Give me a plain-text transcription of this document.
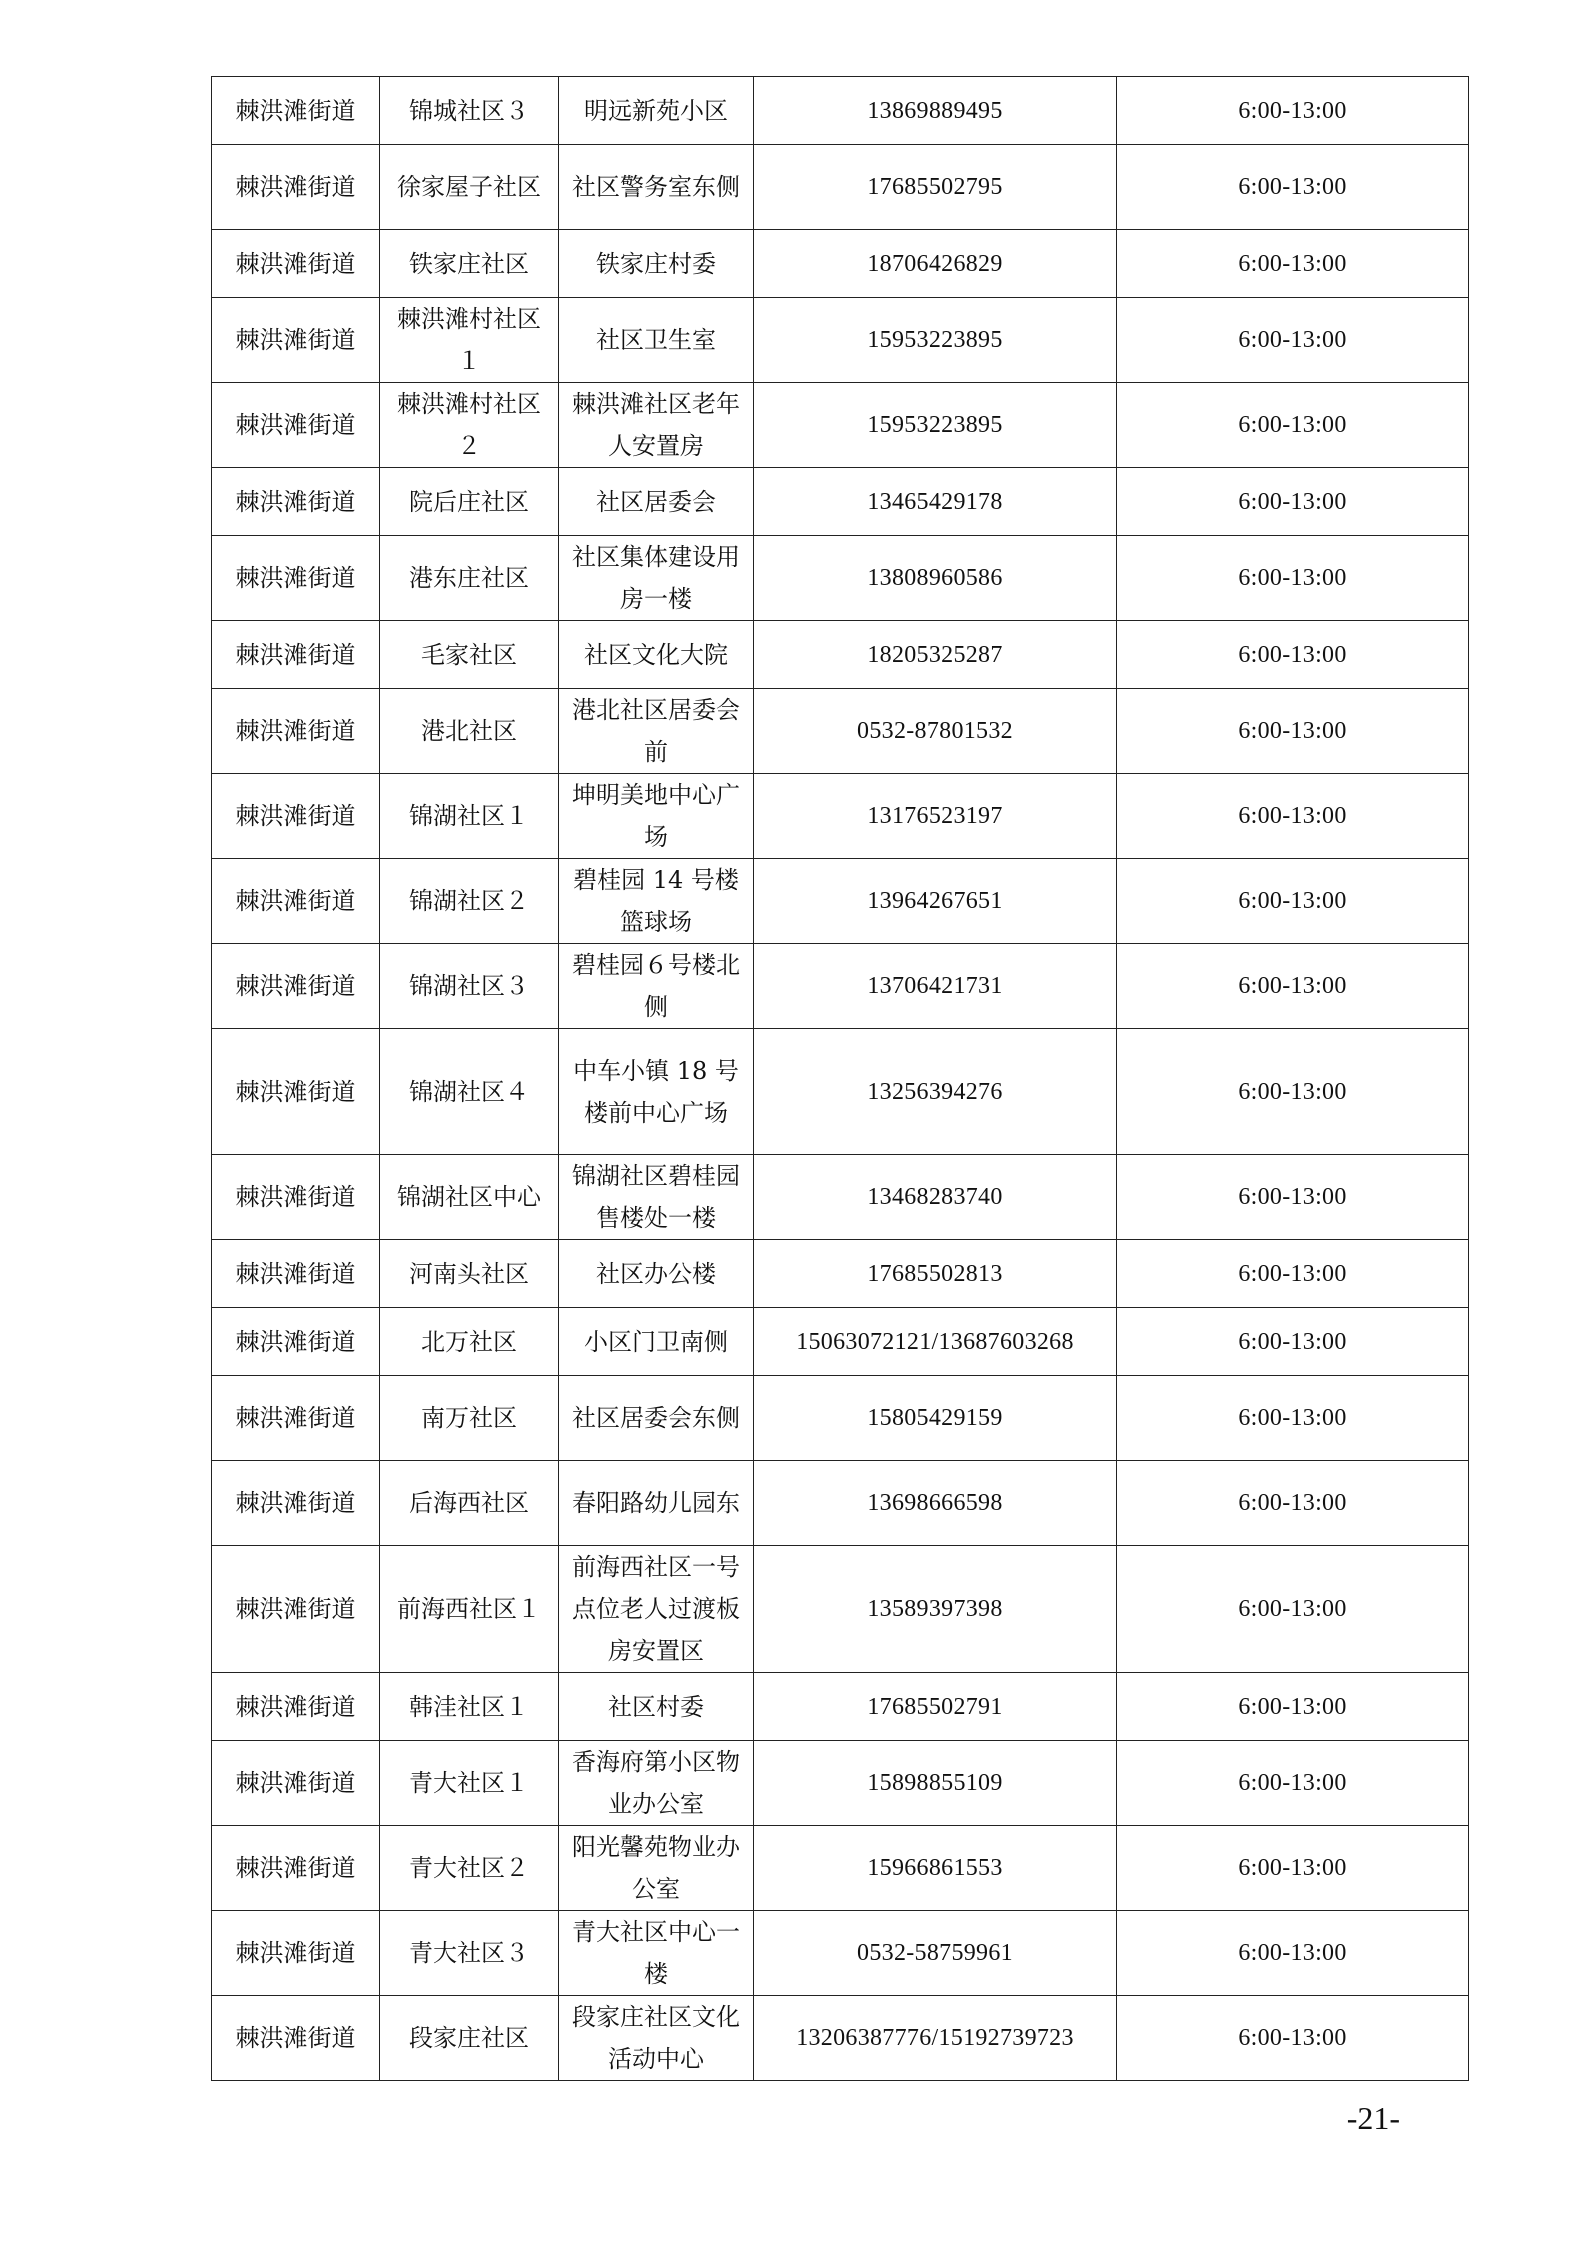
棘洪滩街道	锦城社区３	明远新苑小区	13869889495	6:00-13:00
棘洪滩街道	徐家屋子社区	社区警务室东侧	17685502795	6:00-13:00
棘洪滩街道	铁家庄社区	铁家庄村委	18706426829	6:00-13:00
棘洪滩街道	棘洪滩村社区１	社区卫生室	15953223895	6:00-13:00
棘洪滩街道	棘洪滩村社区２	棘洪滩社区老年人安置房	15953223895	6:00-13:00
棘洪滩街道	院后庄社区	社区居委会	13465429178	6:00-13:00
棘洪滩街道	港东庄社区	社区集体建设用房一楼	13808960586	6:00-13:00
棘洪滩街道	毛家社区	社区文化大院	18205325287	6:00-13:00
棘洪滩街道	港北社区	港北社区居委会前	0532-87801532	6:00-13:00
棘洪滩街道	锦湖社区１	坤明美地中心广场	13176523197	6:00-13:00
棘洪滩街道	锦湖社区２	碧桂园 14 号楼篮球场	13964267651	6:00-13:00
棘洪滩街道	锦湖社区３	碧桂园６号楼北侧	13706421731	6:00-13:00
棘洪滩街道	锦湖社区４	中车小镇 18 号楼前中心广场	13256394276	6:00-13:00
棘洪滩街道	锦湖社区中心	锦湖社区碧桂园售楼处一楼	13468283740	6:00-13:00
棘洪滩街道	河南头社区	社区办公楼	17685502813	6:00-13:00
棘洪滩街道	北万社区	小区门卫南侧	15063072121/13687603268	6:00-13:00
棘洪滩街道	南万社区	社区居委会东侧	15805429159	6:00-13:00
棘洪滩街道	后海西社区	春阳路幼儿园东	13698666598	6:00-13:00
棘洪滩街道	前海西社区１	前海西社区一号点位老人过渡板房安置区	13589397398	6:00-13:00
棘洪滩街道	韩洼社区１	社区村委	17685502791	6:00-13:00
棘洪滩街道	青大社区１	香海府第小区物业办公室	15898855109	6:00-13:00
棘洪滩街道	青大社区２	阳光馨苑物业办公室	15966861553	6:00-13:00
棘洪滩街道	青大社区３	青大社区中心一楼	0532-58759961	6:00-13:00
棘洪滩街道	段家庄社区	段家庄社区文化活动中心	13206387776/15192739723	6:00-13:00
-21-
